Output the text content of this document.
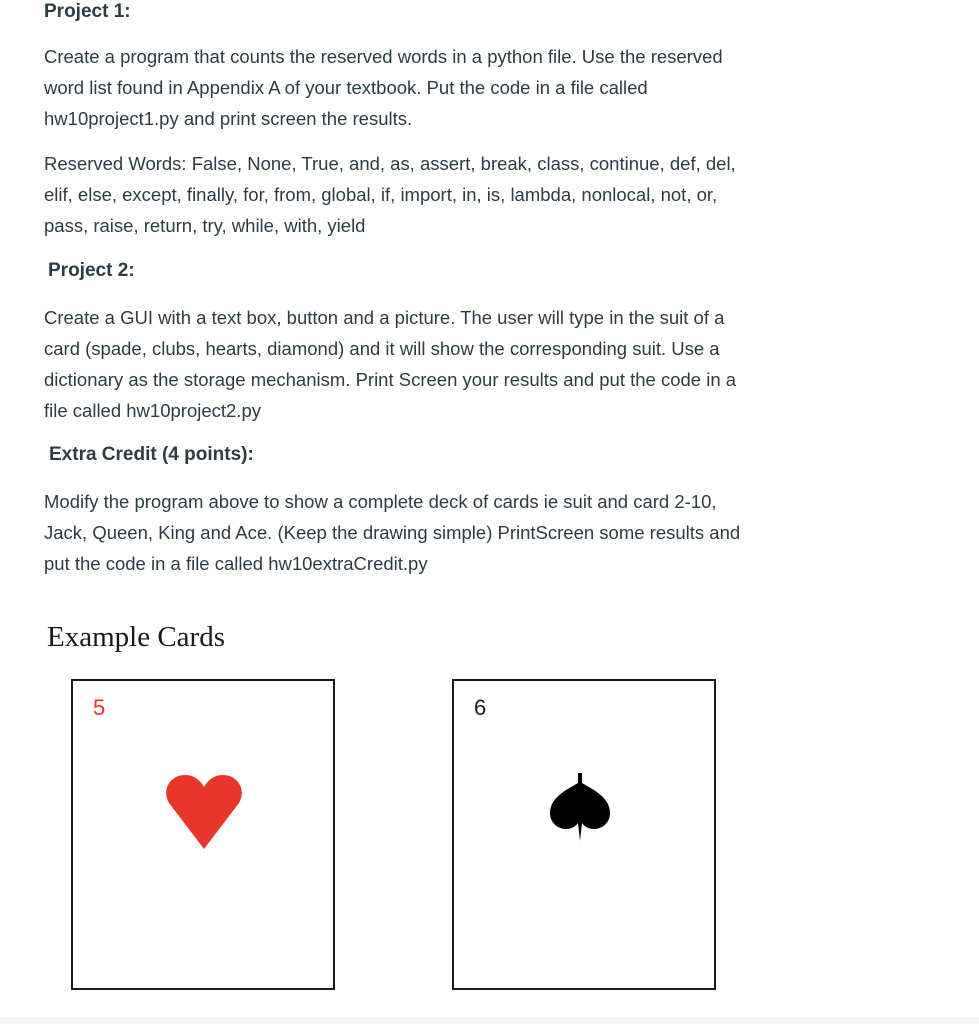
Project 1:

Create a program that counts the reserved words in a python file. Use the reserved word list found in Appendix A of your textbook. Put the code in a file called hw10project1.py and print screen the results.

Reserved Words: False, None, True, and, as, assert, break, class, continue, def, del, elif, else, except, finally, for, from, global, if, import, in, is, lambda, nonlocal, not, or, pass, raise, return, try, while, with, yield

Project 2:

Create a GUI with a text box, button and a picture. The user will type in the suit of a card (spade, clubs, hearts, diamond) and it will show the corresponding suit. Use a dictionary as the storage mechanism. Print Screen your results and put the code in a file called hw10project2.py

Extra Credit (4 points):

Modify the program above to show a complete deck of cards ie suit and card 2-10, Jack, Queen, King and Ace. (Keep the drawing simple) PrintScreen some results and put the code in a file called hw10extraCredit.py

Example Cards
5	6
